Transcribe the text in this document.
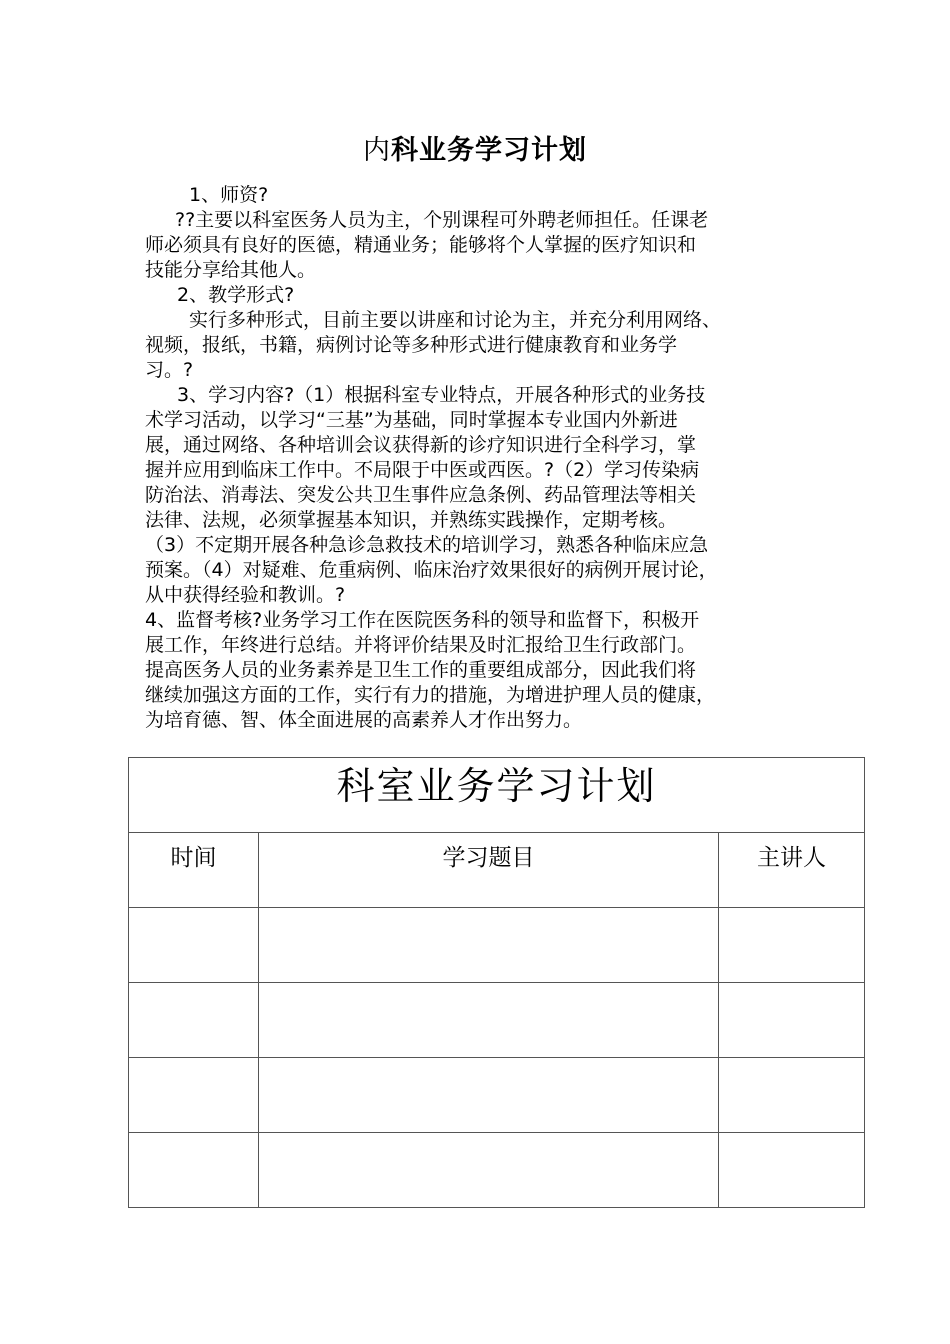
内科业务学习计划

1、师资?

??主要以科室医务人员为主，个别课程可外聘老师担任。任课老

师必须具有良好的医德，精通业务；能够将个人掌握的医疗知识和

技能分享给其他人。

2、教学形式?

实行多种形式，目前主要以讲座和讨论为主，并充分利用网络、

视频，报纸，书籍，病例讨论等多种形式进行健康教育和业务学

习。?

3、学习内容?（1）根据科室专业特点，开展各种形式的业务技

术学习活动，以学习“三基”为基础，同时掌握本专业国内外新进

展，通过网络、各种培训会议获得新的诊疗知识进行全科学习，掌

握并应用到临床工作中。不局限于中医或西医。?（2）学习传染病

防治法、消毒法、突发公共卫生事件应急条例、药品管理法等相关

法律、法规，必须掌握基本知识，并熟练实践操作，定期考核。

（3）不定期开展各种急诊急救技术的培训学习，熟悉各种临床应急

预案。（4）对疑难、危重病例、临床治疗效果很好的病例开展讨论，

从中获得经验和教训。?

4、监督考核?业务学习工作在医院医务科的领导和监督下，积极开

展工作，年终进行总结。并将评价结果及时汇报给卫生行政部门。

提高医务人员的业务素养是卫生工作的重要组成部分，因此我们将

继续加强这方面的工作，实行有力的措施，为增进护理人员的健康，

为培育德、智、体全面进展的高素养人才作出努力。

科室业务学习计划		
时间	学习题目	主讲人
